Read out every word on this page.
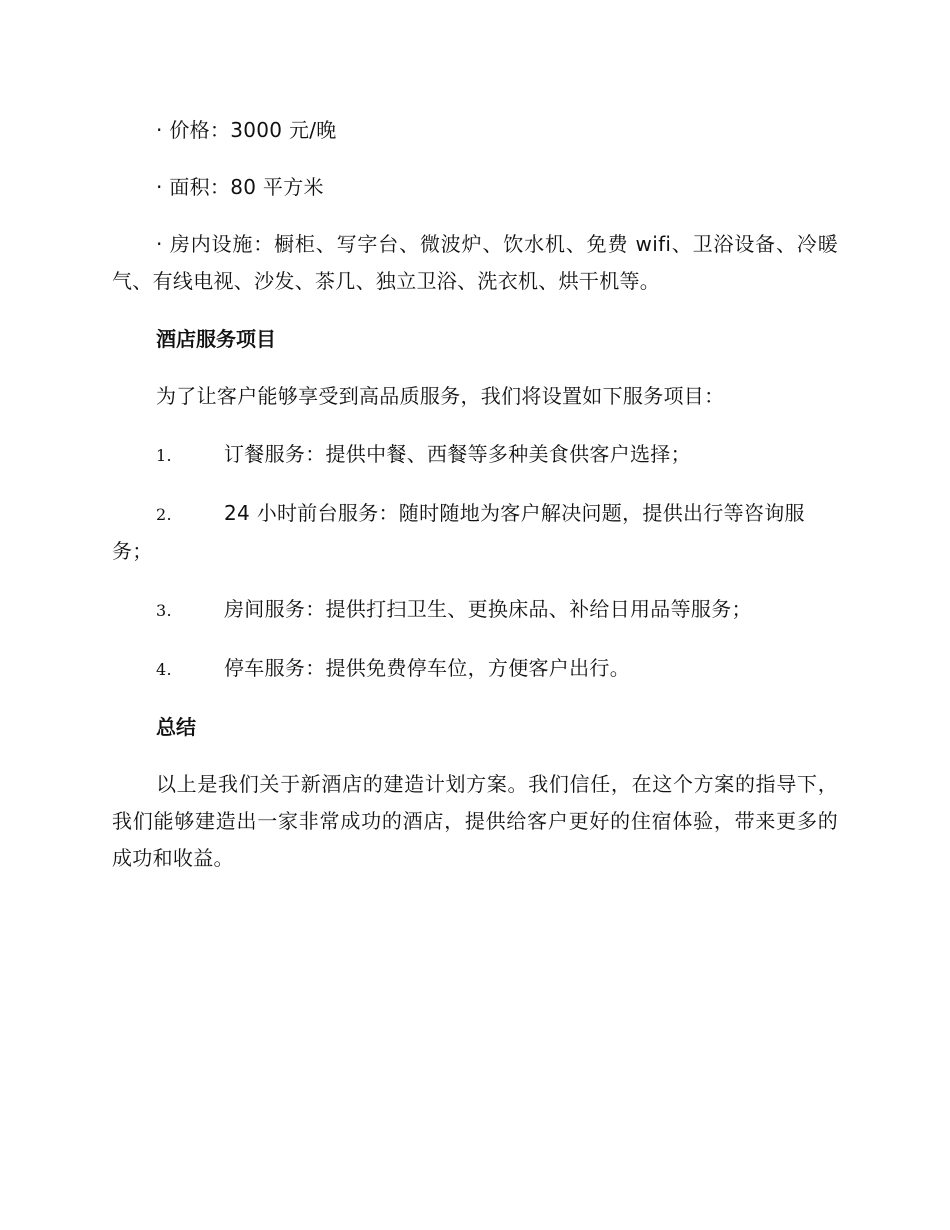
· 价格：3000 元/晚

· 面积：80 平方米

· 房内设施：橱柜、写字台、微波炉、饮水机、免费 wifi、卫浴设备、冷暖气、有线电视、沙发、茶几、独立卫浴、洗衣机、烘干机等。

酒店服务项目

为了让客户能够享受到高品质服务，我们将设置如下服务项目：

1.	订餐服务：提供中餐、西餐等多种美食供客户选择；
2.	24 小时前台服务：随时随地为客户解决问题，提供出行等咨询服务；
3.	房间服务：提供打扫卫生、更换床品、补给日用品等服务；
4.	停车服务：提供免费停车位，方便客户出行。
总结

以上是我们关于新酒店的建造计划方案。我们信任，在这个方案的指导下，我们能够建造出一家非常成功的酒店，提供给客户更好的住宿体验，带来更多的成功和收益。
